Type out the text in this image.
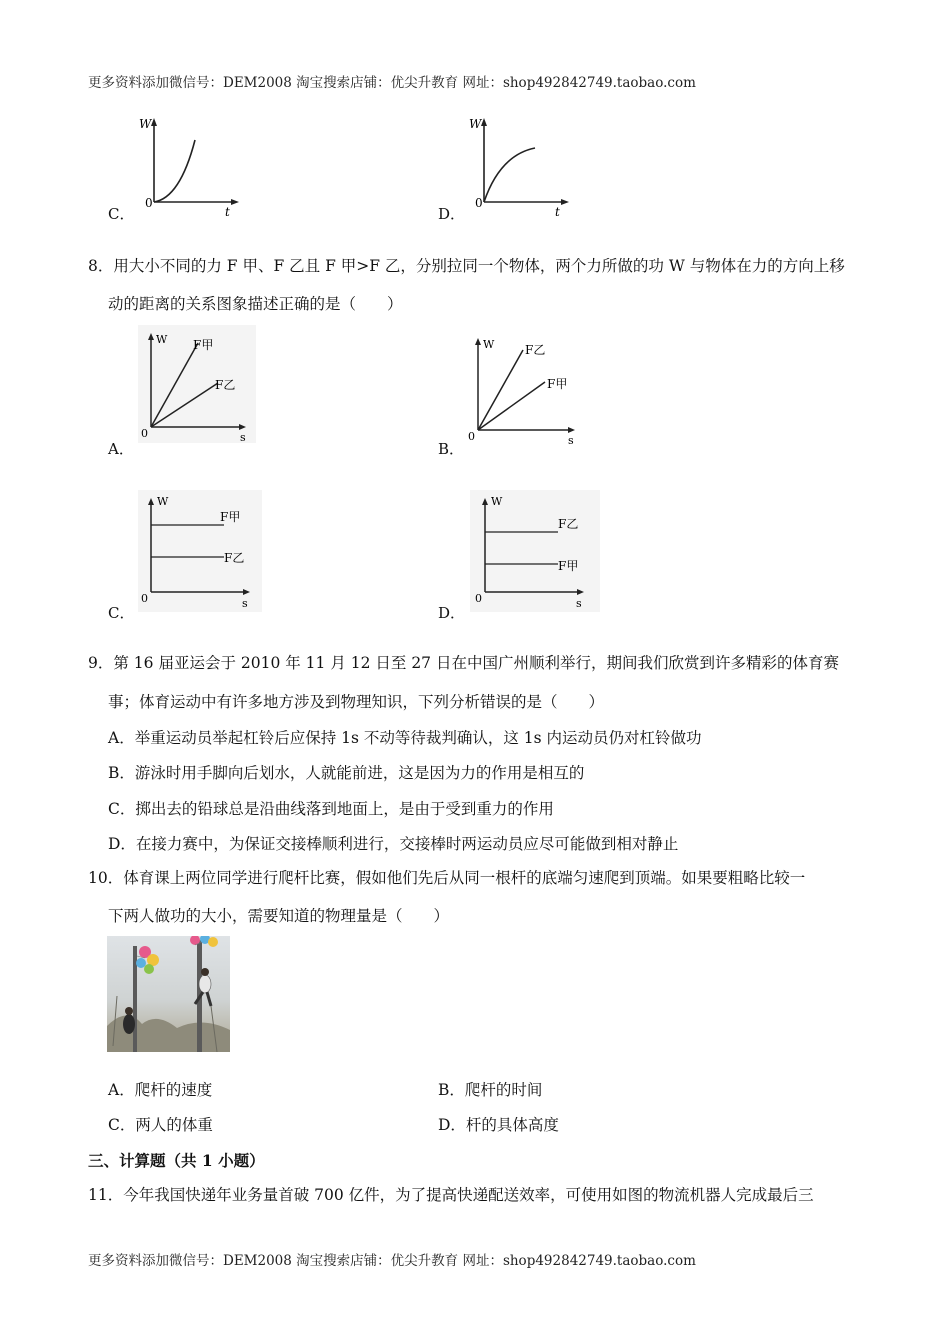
更多资料添加微信号：DEM2008 淘宝搜索店铺：优尖升教育 网址：shop492842749.taobao.com
W
0
t
C．
W
0
t
D．
8．用大小不同的力 F 甲、F 乙且 F 甲>F 乙，分别拉同一个物体，两个力所做的功 W 与物体在力的方向上移
动的距离的关系图象描述正确的是（　　）
W
0	s
F甲
F乙
A．
W
0	s
F乙
F甲
B．
W
0	s
F甲
F乙
C．
W
0	s
F乙
F甲
D．
9．第 16 届亚运会于 2010 年 11 月 12 日至 27 日在中国广州顺利举行，期间我们欣赏到许多精彩的体育赛
事；体育运动中有许多地方涉及到物理知识，下列分析错误的是（　　）
A．举重运动员举起杠铃后应保持 1s 不动等待裁判确认，这 1s 内运动员仍对杠铃做功
B．游泳时用手脚向后划水，人就能前进，这是因为力的作用是相互的
C．掷出去的铅球总是沿曲线落到地面上，是由于受到重力的作用
D．在接力赛中，为保证交接棒顺利进行，交接棒时两运动员应尽可能做到相对静止
10．体育课上两位同学进行爬杆比赛，假如他们先后从同一根杆的底端匀速爬到顶端。如果要粗略比较一
下两人做功的大小，需要知道的物理量是（　　）
A．爬杆的速度	B．爬杆的时间
C．两人的体重	D．杆的具体高度
三、计算题（共 1 小题）
11．今年我国快递年业务量首破 700 亿件，为了提高快递配送效率，可使用如图的物流机器人完成最后三
更多资料添加微信号：DEM2008 淘宝搜索店铺：优尖升教育 网址：shop492842749.taobao.com
